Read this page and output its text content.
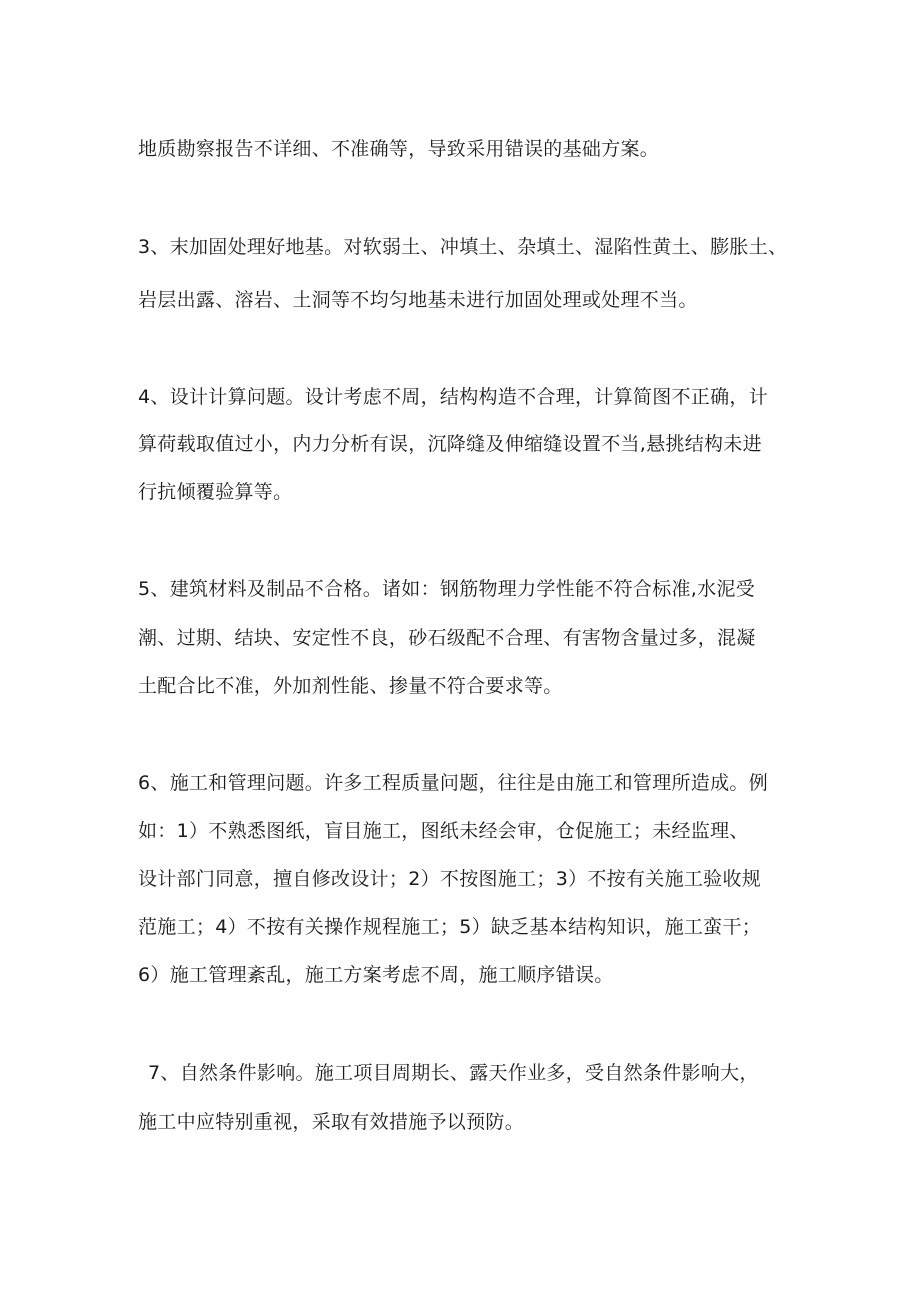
地质勘察报告不详细、不准确等，导致采用错误的基础方案。
3、末加固处理好地基。对软弱土、冲填土、杂填土、湿陷性黄土、膨胀土、
岩层出露、溶岩、土洞等不均匀地基未进行加固处理或处理不当。
4、设计计算问题。设计考虑不周，结构构造不合理，计算简图不正确，计
算荷载取值过小，内力分析有误，沉降缝及伸缩缝设置不当,悬挑结构未进
行抗倾覆验算等。
5、建筑材料及制品不合格。诸如：钢筋物理力学性能不符合标准,水泥受
潮、过期、结块、安定性不良，砂石级配不合理、有害物含量过多，混凝
土配合比不准，外加剂性能、掺量不符合要求等。
6、施工和管理问题。许多工程质量问题，往往是由施工和管理所造成。例
如：1）不熟悉图纸，盲目施工，图纸未经会审，仓促施工；未经监理、
设计部门同意，擅自修改设计；2）不按图施工；3）不按有关施工验收规
范施工；4）不按有关操作规程施工；5）缺乏基本结构知识，施工蛮干；
6）施工管理紊乱，施工方案考虑不周，施工顺序错误。
7、自然条件影响。施工项目周期长、露天作业多，受自然条件影响大，
施工中应特别重视，采取有效措施予以预防。
